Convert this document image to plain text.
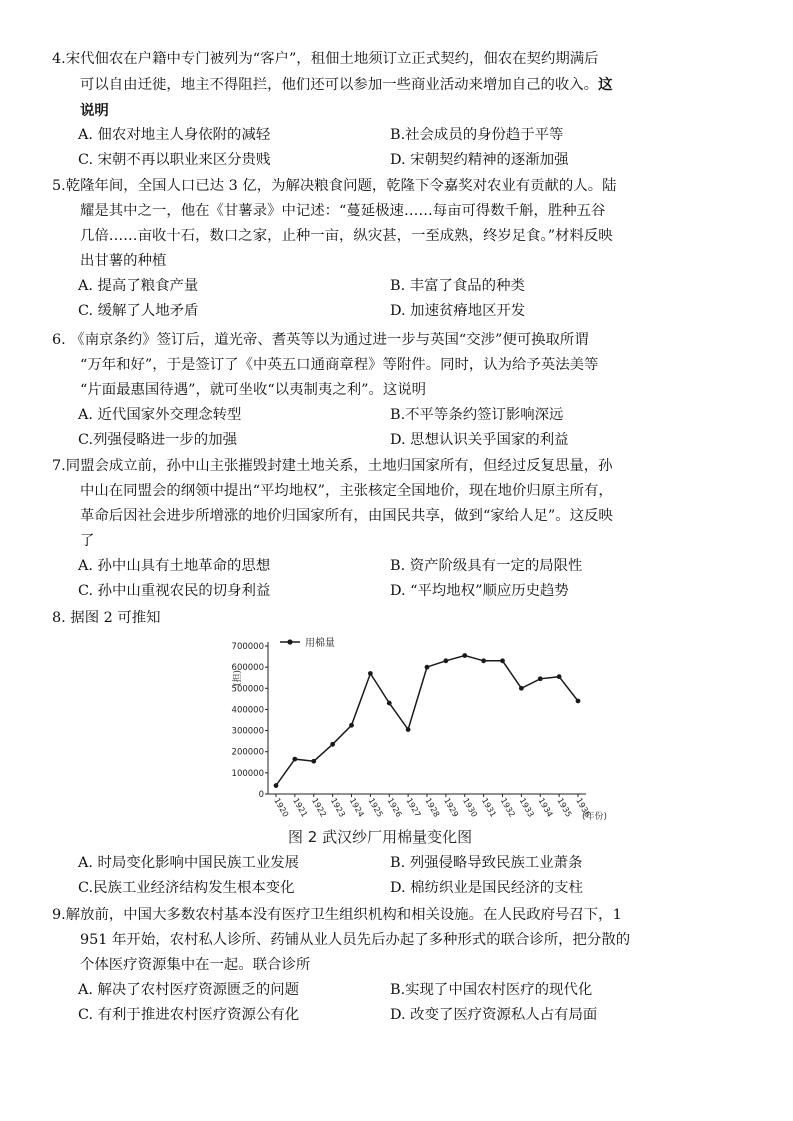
4.宋代佃农在户籍中专门被列为“客户”，租佃土地须订立正式契约，佃农在契约期满后

可以自由迁徙，地主不得阻拦，他们还可以参加一些商业活动来增加自己的收入。这

说明

A. 佃农对地主人身依附的减轻	B.社会成员的身份趋于平等
C. 宋朝不再以职业来区分贵贱	D. 宋朝契约精神的逐渐加强

5.乾隆年间，全国人口已达 3 亿，为解决粮食问题，乾隆下令嘉奖对农业有贡献的人。陆

耀是其中之一，他在《甘薯录》中记述：“蔓延极速……每亩可得数千斛，胜种五谷

几倍……亩收十石，数口之家，止种一亩，纵灾甚，一至成熟，终岁足食。”材料反映

出甘薯的种植

A. 提高了粮食产量	B. 丰富了食品的种类
C. 缓解了人地矛盾	D. 加速贫瘠地区开发

6. 《南京条约》签订后，道光帝、耆英等以为通过进一步与英国“交涉”便可换取所谓

“万年和好”，于是签订了《中英五口通商章程》等附件。同时，认为给予英法美等

“片面最惠国待遇”，就可坐收“以夷制夷之利”。这说明

A. 近代国家外交理念转型	B.不平等条约签订影响深远
C.列强侵略进一步的加强	D. 思想认识关乎国家的利益

7.同盟会成立前，孙中山主张摧毁封建土地关系，土地归国家所有，但经过反复思量，孙

中山在同盟会的纲领中提出“平均地权”，主张核定全国地价，现在地价归原主所有，

革命后因社会进步所增涨的地价归国家所有，由国民共享，做到“家给人足”。这反映

了

A. 孙中山具有土地革命的思想	B. 资产阶级具有一定的局限性
C. 孙中山重视农民的切身利益	D. “平均地权”顺应历史趋势

8. 据图 2 可推知

(担)
0
100000
200000
300000
400000
500000
600000
700000
1920 1921 1922 1923 1924 1925 1926 1927 1928 1929 1930 1931 1932 1933 1934 1935 1936
用棉量
(年份)
图 2 武汉纱厂用棉量变化图
A. 时局变化影响中国民族工业发展	B. 列强侵略导致民族工业萧条
C.民族工业经济结构发生根本变化	D. 棉纺织业是国民经济的支柱

9.解放前，中国大多数农村基本没有医疗卫生组织机构和相关设施。在人民政府号召下，1

951 年开始，农村私人诊所、药铺从业人员先后办起了多种形式的联合诊所，把分散的

个体医疗资源集中在一起。联合诊所

A. 解决了农村医疗资源匮乏的问题	B.实现了中国农村医疗的现代化
C. 有利于推进农村医疗资源公有化	D. 改变了医疗资源私人占有局面
